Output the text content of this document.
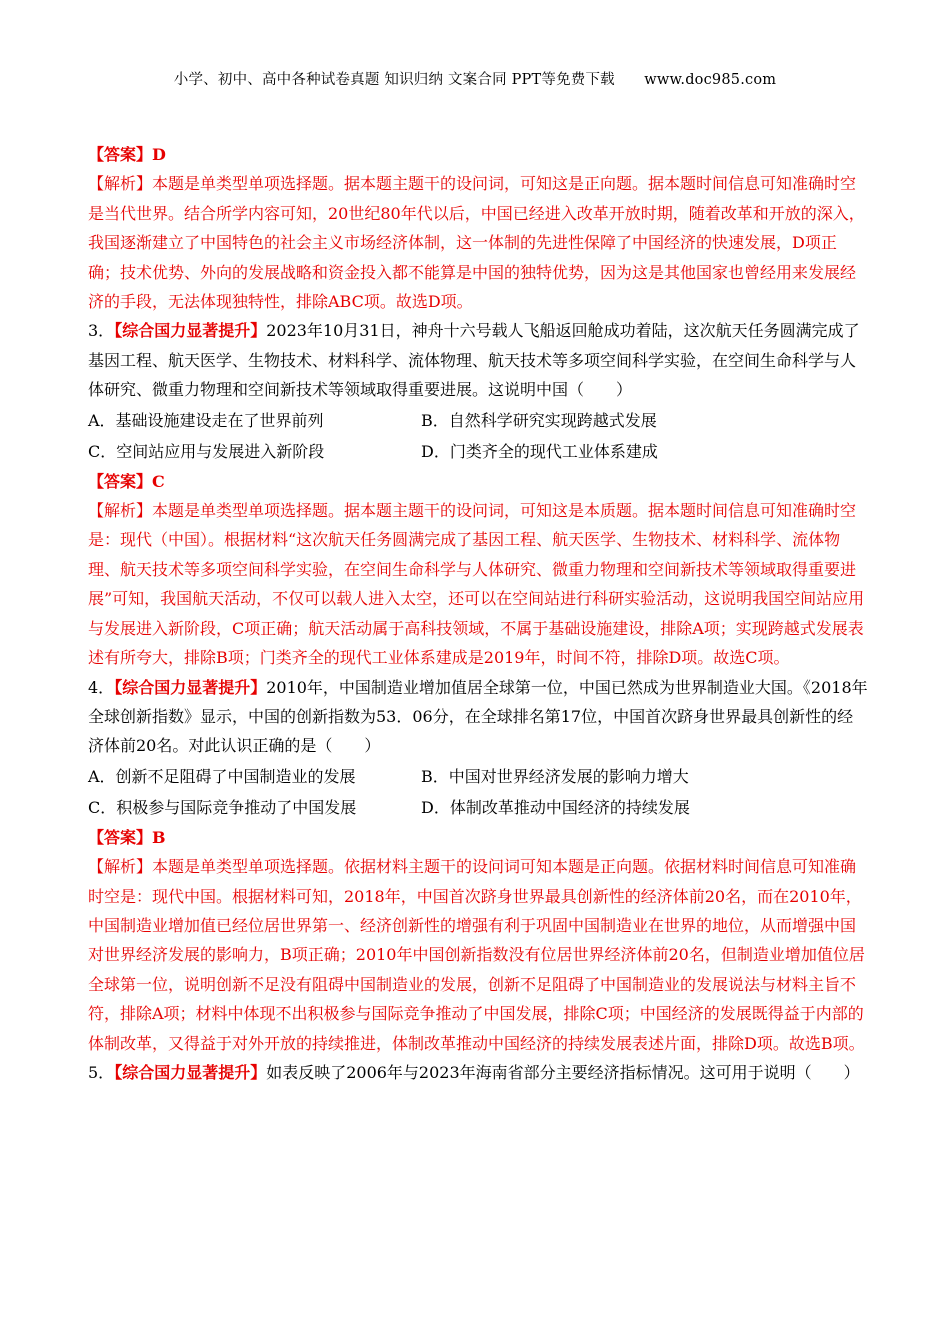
小学、初中、高中各种试卷真题 知识归纳 文案合同 PPT等免费下载　　www.doc985.com

【答案】D

【解析】本题是单类型单项选择题。据本题主题干的设问词，可知这是正向题。据本题时间信息可知准确时空是当代世界。结合所学内容可知，20世纪80年代以后，中国已经进入改革开放时期，随着改革和开放的深入，我国逐渐建立了中国特色的社会主义市场经济体制，这一体制的先进性保障了中国经济的快速发展，D项正确；技术优势、外向的发展战略和资金投入都不能算是中国的独特优势，因为这是其他国家也曾经用来发展经济的手段，无法体现独特性，排除ABC项。故选D项。

3．【综合国力显著提升】2023年10月31日，神舟十六号载人飞船返回舱成功着陆，这次航天任务圆满完成了基因工程、航天医学、生物技术、材料科学、流体物理、航天技术等多项空间科学实验，在空间生命科学与人体研究、微重力物理和空间新技术等领域取得重要进展。这说明中国（　　）

A．基础设施建设走在了世界前列	B．自然科学研究实现跨越式发展
C．空间站应用与发展进入新阶段	D．门类齐全的现代工业体系建成

【答案】C

【解析】本题是单类型单项选择题。据本题主题干的设问词，可知这是本质题。据本题时间信息可知准确时空是：现代（中国）。根据材料“这次航天任务圆满完成了基因工程、航天医学、生物技术、材料科学、流体物理、航天技术等多项空间科学实验，在空间生命科学与人体研究、微重力物理和空间新技术等领域取得重要进展”可知，我国航天活动，不仅可以载人进入太空，还可以在空间站进行科研实验活动，这说明我国空间站应用与发展进入新阶段，C项正确；航天活动属于高科技领域，不属于基础设施建设，排除A项；实现跨越式发展表述有所夸大，排除B项；门类齐全的现代工业体系建成是2019年，时间不符，排除D项。故选C项。

4．【综合国力显著提升】2010年，中国制造业增加值居全球第一位，中国已然成为世界制造业大国。《2018年全球创新指数》显示，中国的创新指数为53．06分，在全球排名第17位，中国首次跻身世界最具创新性的经济体前20名。对此认识正确的是（　　）

A．创新不足阻碍了中国制造业的发展	B．中国对世界经济发展的影响力增大
C．积极参与国际竞争推动了中国发展	D．体制改革推动中国经济的持续发展

【答案】B

【解析】本题是单类型单项选择题。依据材料主题干的设问词可知本题是正向题。依据材料时间信息可知准确时空是：现代中国。根据材料可知，2018年，中国首次跻身世界最具创新性的经济体前20名，而在2010年，中国制造业增加值已经位居世界第一、经济创新性的增强有利于巩固中国制造业在世界的地位，从而增强中国对世界经济发展的影响力，B项正确；2010年中国创新指数没有位居世界经济体前20名，但制造业增加值位居全球第一位，说明创新不足没有阻碍中国制造业的发展，创新不足阻碍了中国制造业的发展说法与材料主旨不符，排除A项；材料中体现不出积极参与国际竞争推动了中国发展，排除C项；中国经济的发展既得益于内部的体制改革，又得益于对外开放的持续推进，体制改革推动中国经济的持续发展表述片面，排除D项。故选B项。

5．【综合国力显著提升】如表反映了2006年与2023年海南省部分主要经济指标情况。这可用于说明（　　）
